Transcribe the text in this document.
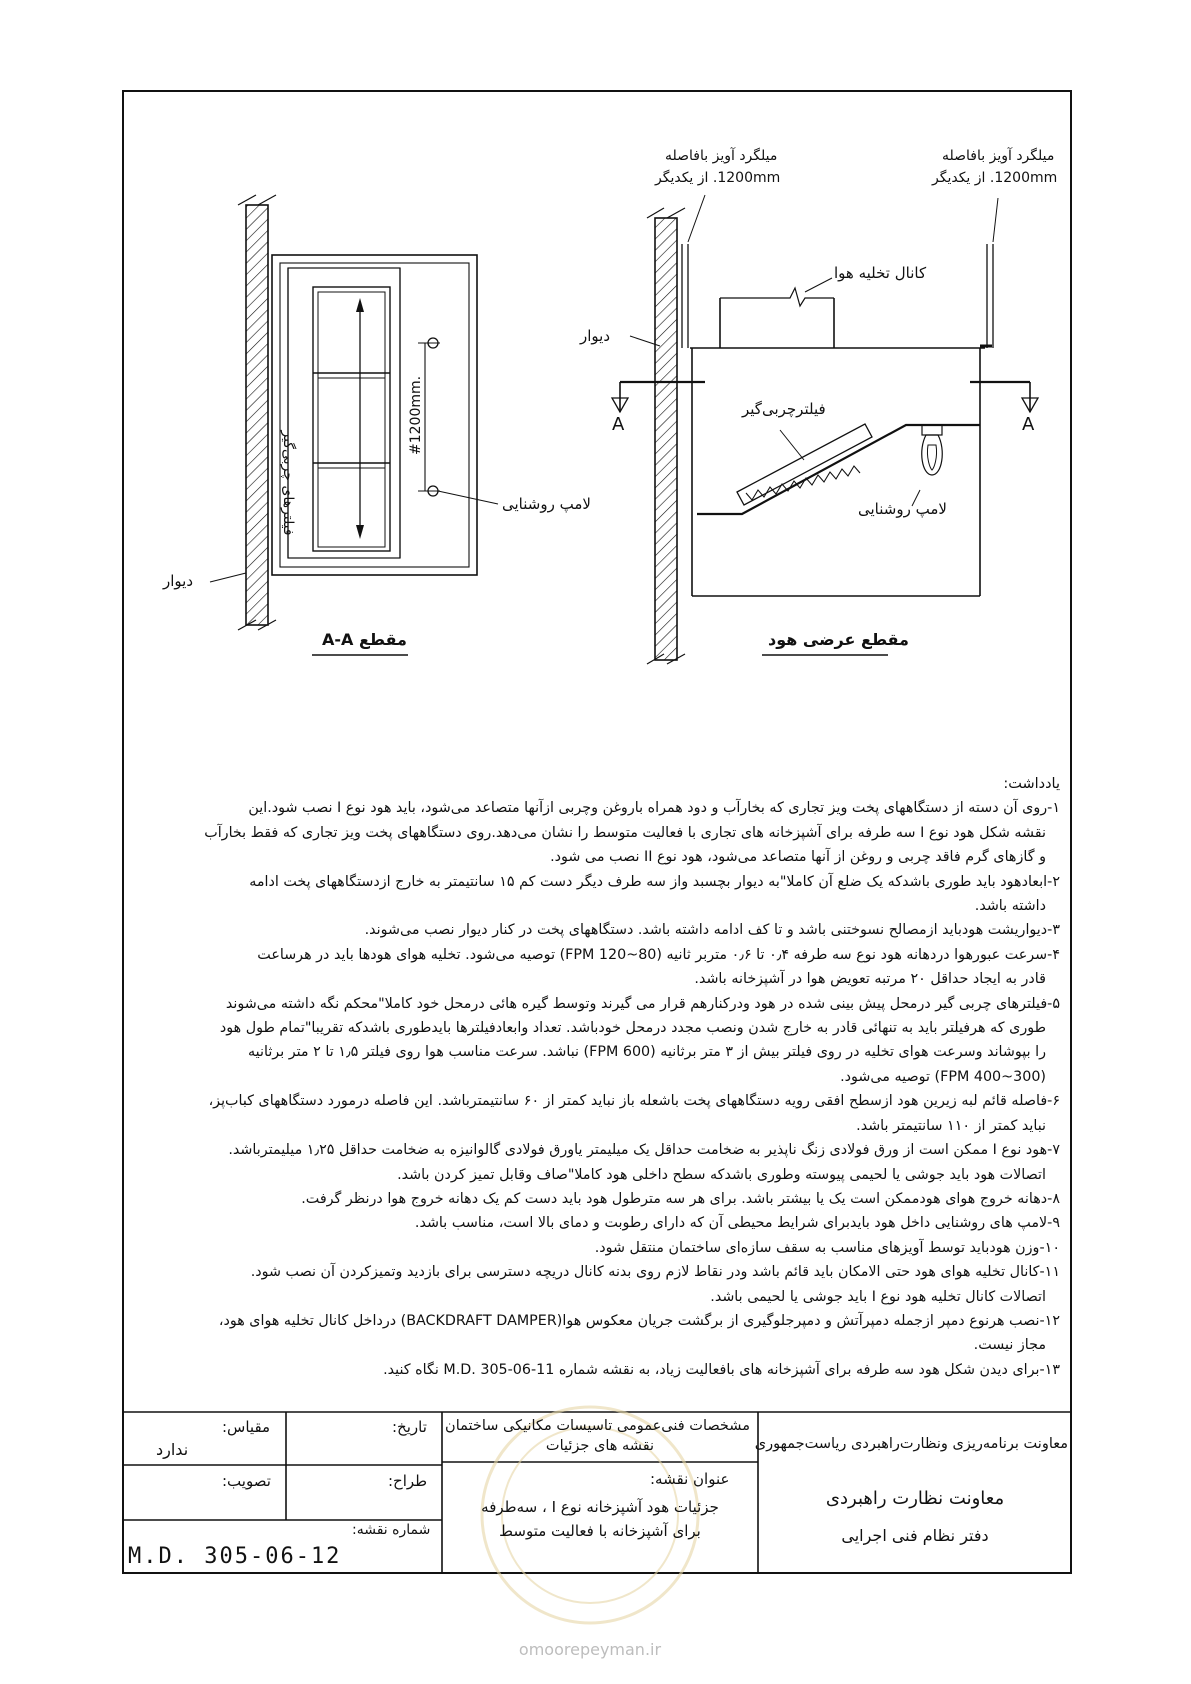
میلگرد آویز بافاصله
1200mm. از یکدیگر
میلگرد آویز بافاصله
1200mm. از یکدیگر
کانال تخلیه هوا
دیوار
فیلترچربی‌گیر
لامپ روشنایی	لامپ روشنایی
دیوار
فیلترهای چربی‌گیر
#1200mm.	A	A
مقطع A-A	مقطع عرضی هود
یادداشت:
۱-روی آن دسته از دستگاههای پخت ویز تجاری که بخارآب و دود همراه باروغن وچربی ازآنها متصاعد می‌شود، باید هود نوع I نصب شود.این
نقشه شکل هود نوع I سه طرفه برای آشپزخانه های تجاری با فعالیت متوسط را نشان می‌دهد.روی دستگاههای پخت ویز تجاری که فقط بخارآب
و گازهای گرم فاقد چربی و روغن از آنها متصاعد می‌شود، هود نوع II نصب می شود.
۲-ابعادهود باید طوری باشدکه یک ضلع آن کاملا"به دیوار بچسبد واز سه طرف دیگر دست کم ۱۵ سانتیمتر به خارج ازدستگاههای پخت ادامه
داشته باشد.
۳-دیواریشت هودباید ازمصالح نسوختنی باشد و تا کف ادامه داشته باشد. دستگاههای پخت در کنار دیوار نصب می‌شوند.
۴-سرعت عبورهوا دردهانه هود نوع سه طرفه ۰٫۴ تا ۰٫۶ متربر ثانیه (80~120 FPM) توصیه می‌شود. تخلیه هوای هودها باید در هرساعت
قادر به ایجاد حداقل ۲۰ مرتبه تعویض هوا در آشپزخانه باشد.
۵-فیلترهای چربی گیر درمحل پیش بینی شده در هود ودرکنارهم قرار می گیرند وتوسط گیره هائی درمحل خود کاملا"محکم نگه داشته می‌شوند
طوری که هرفیلتر باید به تنهائی قادر به خارج شدن ونصب مجدد درمحل خودباشد. تعداد وابعادفیلترها بایدطوری باشدکه تقریبا"تمام طول هود
را بپوشاند وسرعت هوای تخلیه در روی فیلتر بیش از ۳ متر برثانیه (600 FPM) نباشد. سرعت مناسب هوا روی فیلتر ۱٫۵ تا ۲ متر برثانیه
(300~400 FPM) توصیه می‌شود.
۶-فاصله قائم لبه زیرین هود ازسطح افقی رویه دستگاههای پخت باشعله باز نباید کمتر از ۶۰ سانتیمترباشد. این فاصله درمورد دستگاههای کباب‌پز،
نباید کمتر از ۱۱۰ سانتیمتر باشد.
۷-هود نوع I ممکن است از ورق فولادی زنگ ناپذیر به ضخامت حداقل یک میلیمتر یاورق فولادی گالوانیزه به ضخامت حداقل ۱٫۲۵ میلیمترباشد.
اتصالات هود باید جوشی یا لحیمی پیوسته وطوری باشدکه سطح داخلی هود کاملا"صاف وقابل تمیز کردن باشد.
۸-دهانه خروج هوای هودممکن است یک یا بیشتر باشد. برای هر سه مترطول هود باید دست کم یک دهانه خروج هوا درنظر گرفت.
۹-لامپ های روشنایی داخل هود بایدبرای شرایط محیطی آن که دارای رطوبت و دمای بالا است، مناسب باشد.
۱۰-وزن هودباید توسط آویزهای مناسب به سقف سازه‌ای ساختمان منتقل شود.
۱۱-کانال تخلیه هوای هود حتی الامکان باید قائم باشد ودر نقاط لازم روی بدنه کانال دریچه دسترسی برای بازدید وتمیزکردن آن نصب شود.
اتصالات کانال تخلیه هود نوع I باید جوشی یا لحیمی باشد.
۱۲-نصب هرنوع دمپر ازجمله دمپرآتش و دمپرجلوگیری از برگشت جریان معکوس هوا(BACKDRAFT DAMPER) درداخل کانال تخلیه هوای هود،
مجاز نیست.
۱۳-برای دیدن شکل هود سه طرفه برای آشپزخانه های بافعالیت زیاد، به نقشه شماره M.D. 305-06-11 نگاه کنید.
مقیاس:
ندارد
تاریخ:
تصویب:	طراح:
شماره نقشه:
M.D. 305-06-12
مشخصات فنی‌عمومی تاسیسات مکانیکی ساختمان
نقشه های جزئیات
عنوان نقشه:
جزئیات هود آشپزخانه نوع I ، سه‌طرفه
برای آشپزخانه با فعالیت متوسط
معاونت برنامه‌ریزی ونظارت‌راهبردی ریاست‌جمهوری
معاونت نظارت راهبردی
دفتر نظام فنی اجرایی
omoorepeyman.ir
